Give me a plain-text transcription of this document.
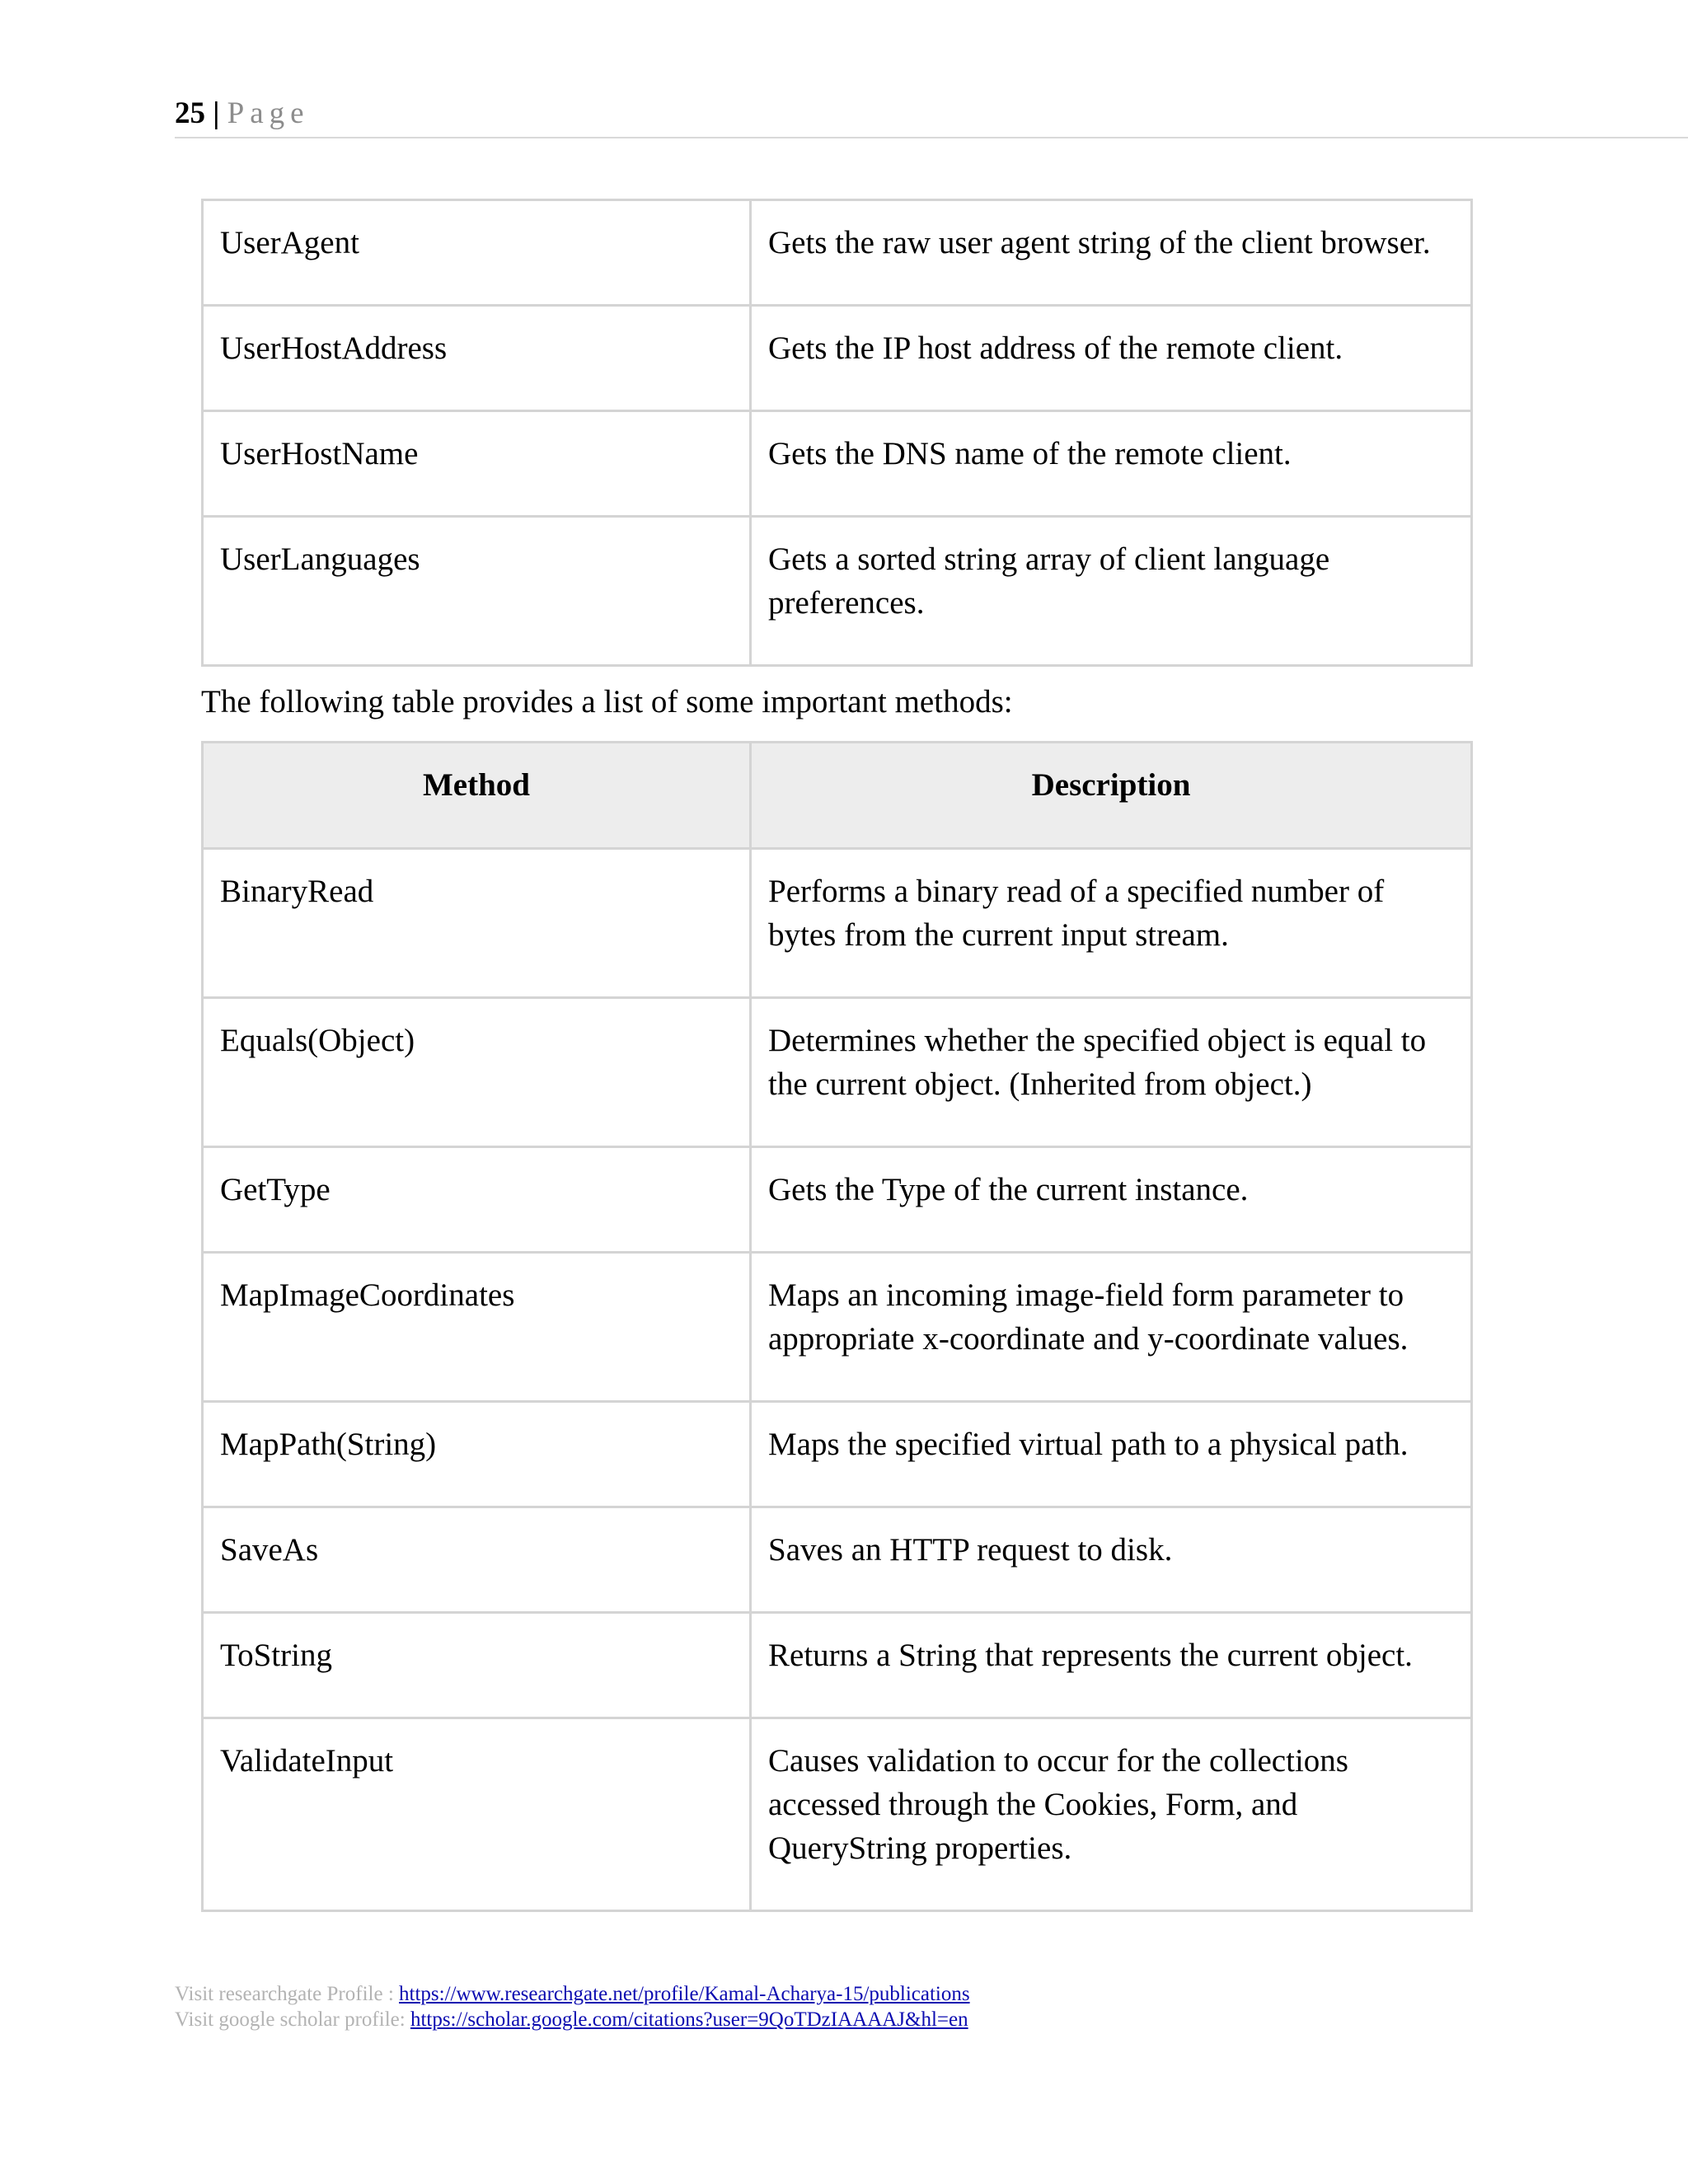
25 | Page
UserAgent	Gets the raw user agent string of the client browser.
UserHostAddress	Gets the IP host address of the remote client.
UserHostName	Gets the DNS name of the remote client.
UserLanguages	Gets a sorted string array of client language preferences.
The following table provides a list of some important methods:
Method	Description
BinaryRead	Performs a binary read of a specified number of bytes from the current input stream.
Equals(Object)	Determines whether the specified object is equal to the current object. (Inherited from object.)
GetType	Gets the Type of the current instance.
MapImageCoordinates	Maps an incoming image-field form parameter to appropriate x-coordinate and y-coordinate values.
MapPath(String)	Maps the specified virtual path to a physical path.
SaveAs	Saves an HTTP request to disk.
ToString	Returns a String that represents the current object.
ValidateInput	Causes validation to occur for the collections accessed through the Cookies, Form, and QueryString properties.
Visit researchgate Profile : https://www.researchgate.net/profile/Kamal-Acharya-15/publications
Visit google scholar profile: https://scholar.google.com/citations?user=9QoTDzIAAAAJ&hl=en
